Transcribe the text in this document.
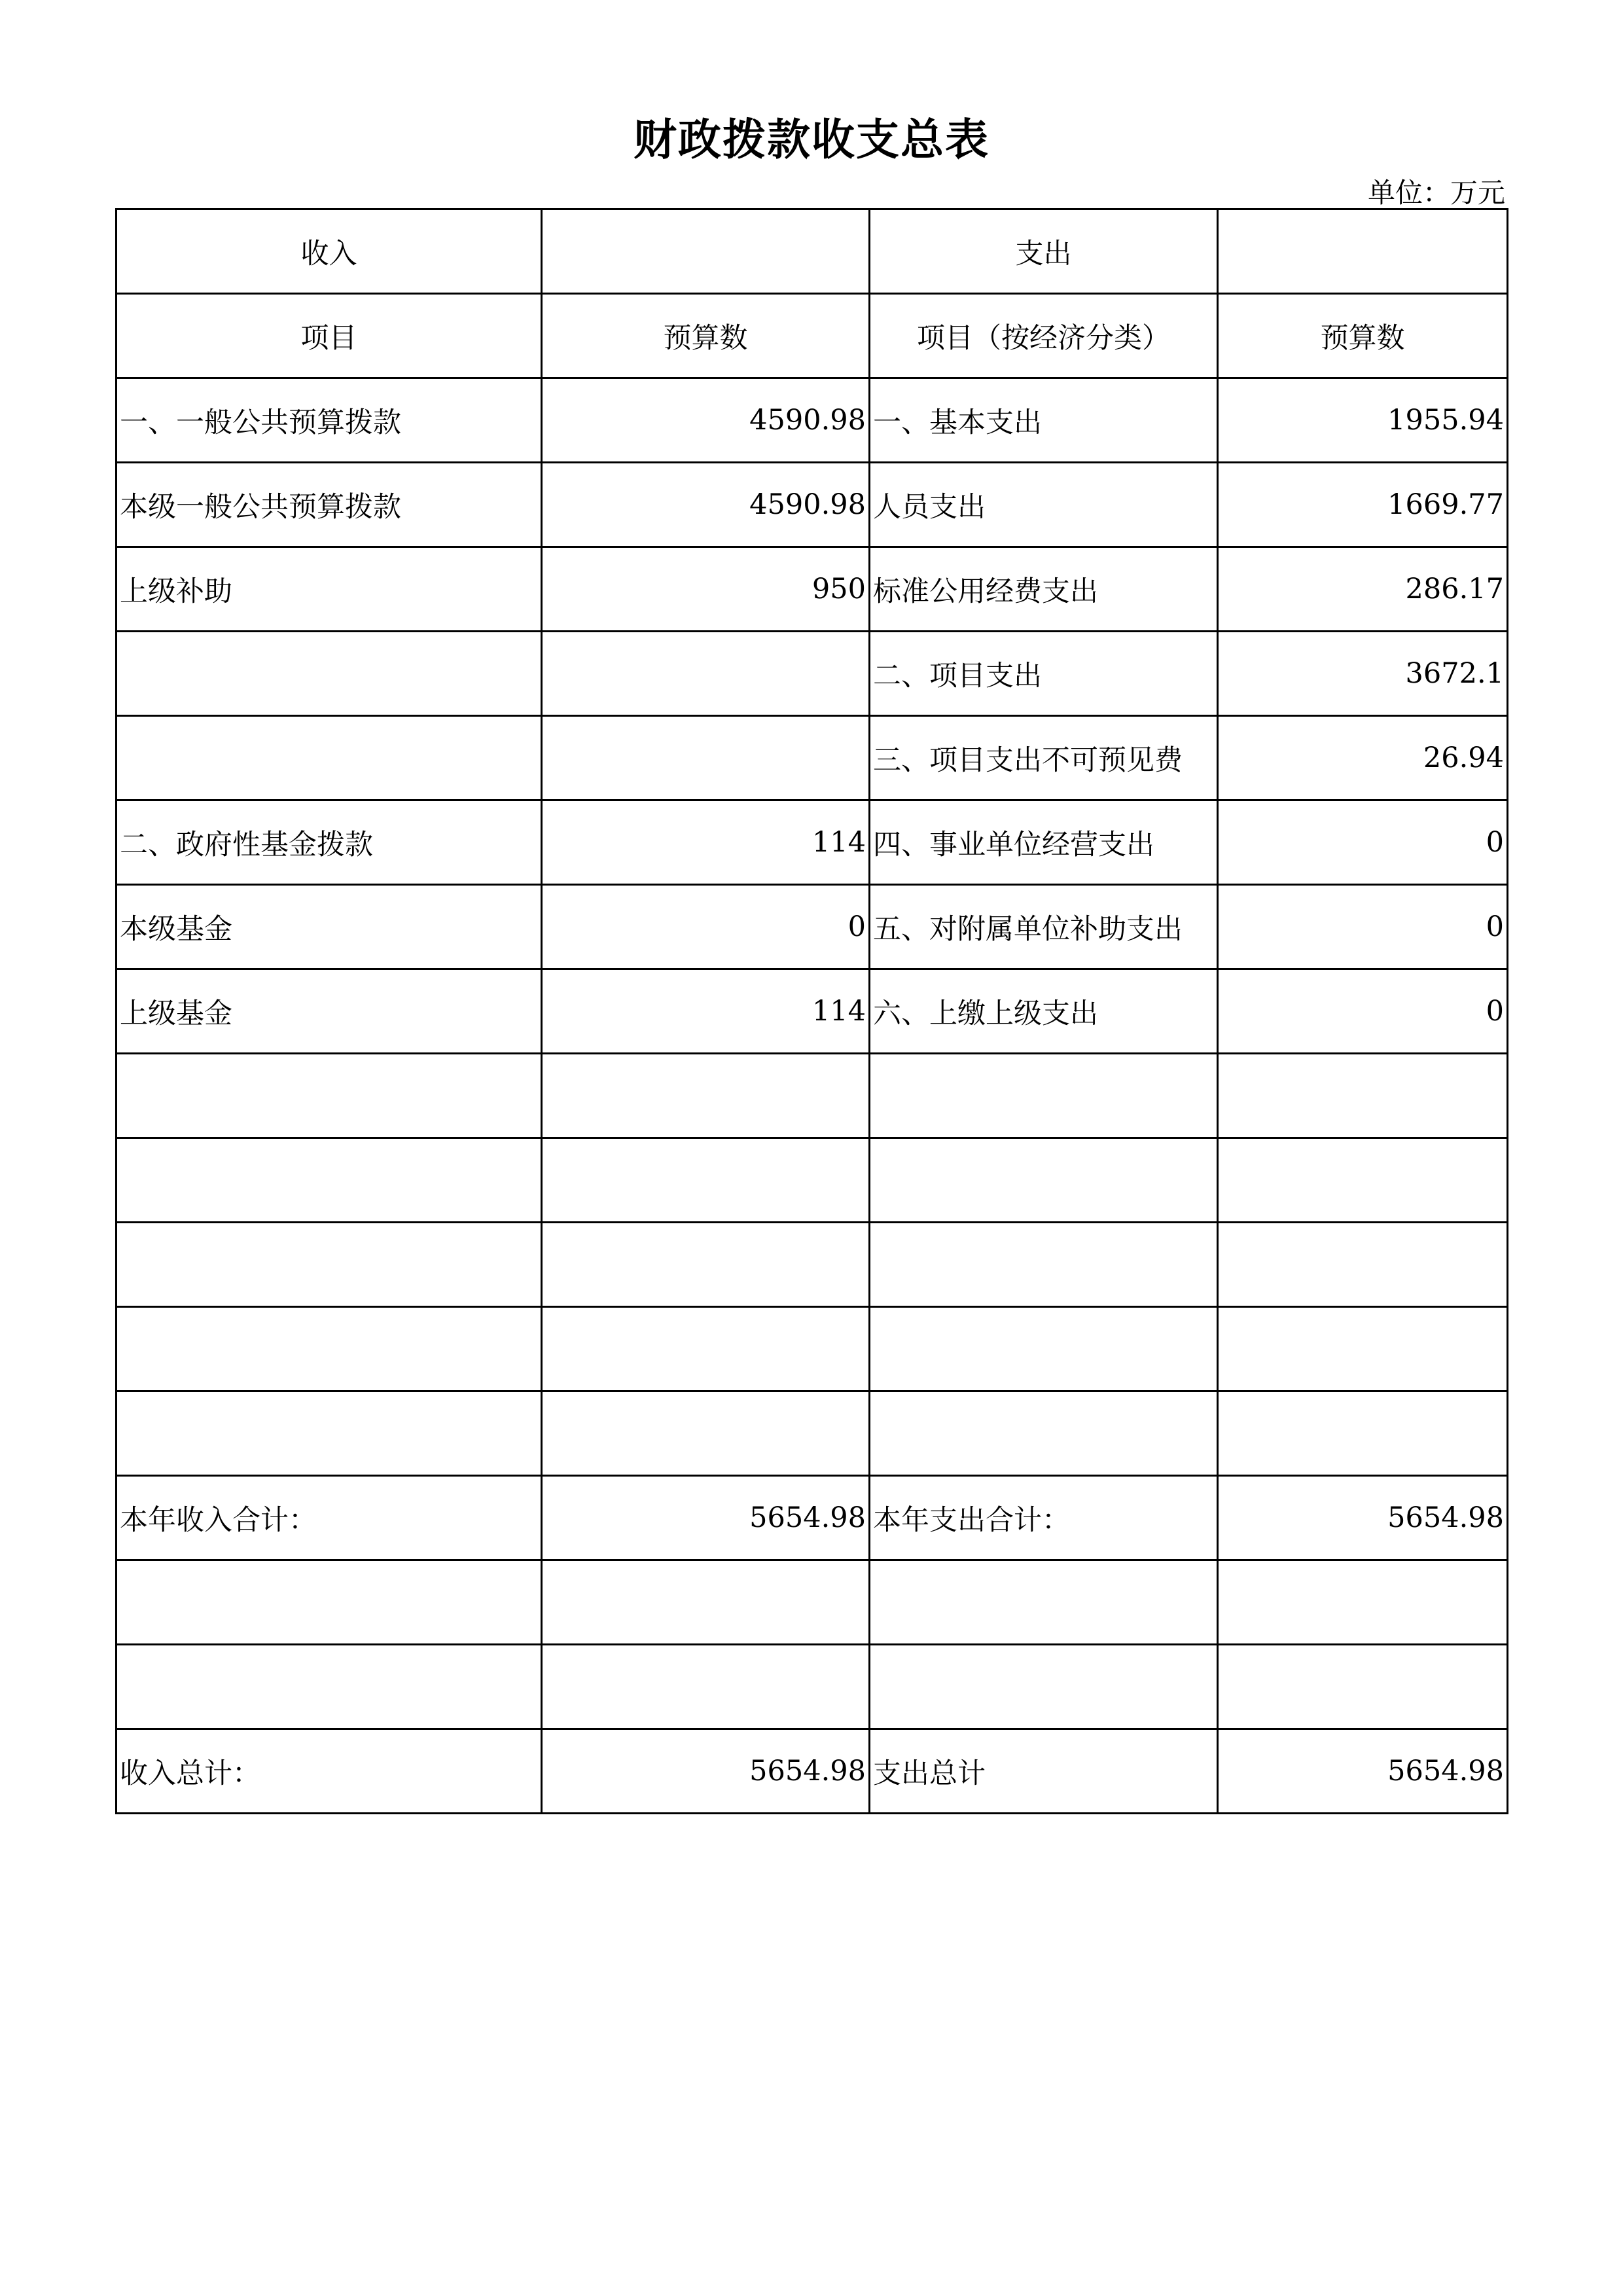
财政拨款收支总表
单位：万元
收入		支出	
项目	预算数	项目（按经济分类）	预算数
一、一般公共预算拨款	4590.98	一、基本支出	1955.94
本级一般公共预算拨款	4590.98	人员支出	1669.77
上级补助	950	标准公用经费支出	286.17
		二、项目支出	3672.1
		三、项目支出不可预见费	26.94
二、政府性基金拨款	114	四、事业单位经营支出	0
本级基金	0	五、对附属单位补助支出	0
上级基金	114	六、上缴上级支出	0

本年收入合计：	5654.98	本年支出合计：	5654.98

收入总计：	5654.98	支出总计	5654.98
